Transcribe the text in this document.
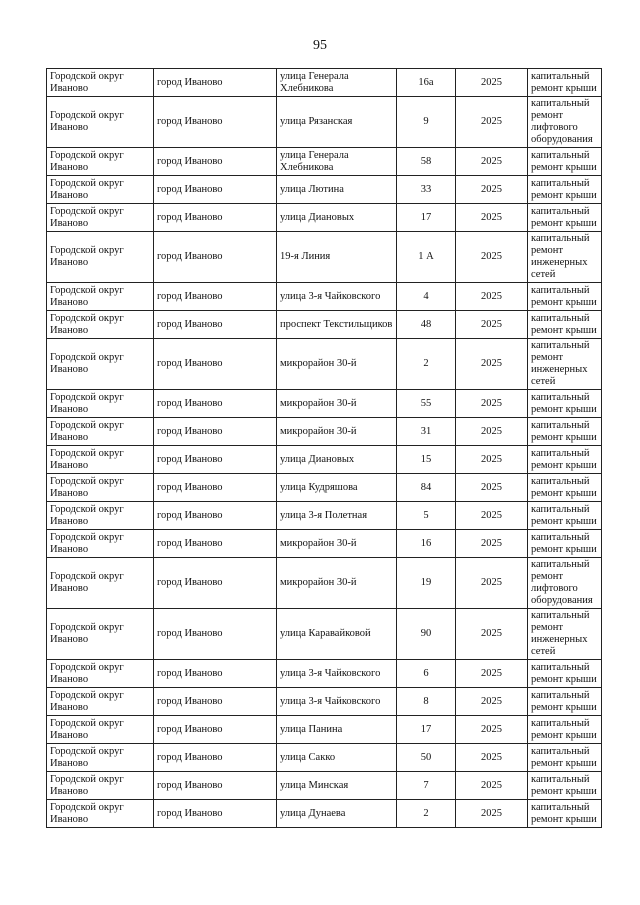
95
Городской округ Иваново	город Иваново	улица Генерала Хлебникова	16а	2025	капитальный ремонт крыши
Городской округ Иваново	город Иваново	улица Рязанская	9	2025	капитальный ремонт лифтового оборудования
Городской округ Иваново	город Иваново	улица Генерала Хлебникова	58	2025	капитальный ремонт крыши
Городской округ Иваново	город Иваново	улица Лютина	33	2025	капитальный ремонт крыши
Городской округ Иваново	город Иваново	улица Диановых	17	2025	капитальный ремонт крыши
Городской округ Иваново	город Иваново	19-я Линия	1 А	2025	капитальный ремонт инженерных сетей
Городской округ Иваново	город Иваново	улица 3-я Чайковского	4	2025	капитальный ремонт крыши
Городской округ Иваново	город Иваново	проспект Текстильщиков	48	2025	капитальный ремонт крыши
Городской округ Иваново	город Иваново	микрорайон 30-й	2	2025	капитальный ремонт инженерных сетей
Городской округ Иваново	город Иваново	микрорайон 30-й	55	2025	капитальный ремонт крыши
Городской округ Иваново	город Иваново	микрорайон 30-й	31	2025	капитальный ремонт крыши
Городской округ Иваново	город Иваново	улица Диановых	15	2025	капитальный ремонт крыши
Городской округ Иваново	город Иваново	улица Кудряшова	84	2025	капитальный ремонт крыши
Городской округ Иваново	город Иваново	улица 3-я Полетная	5	2025	капитальный ремонт крыши
Городской округ Иваново	город Иваново	микрорайон 30-й	16	2025	капитальный ремонт крыши
Городской округ Иваново	город Иваново	микрорайон 30-й	19	2025	капитальный ремонт лифтового оборудования
Городской округ Иваново	город Иваново	улица Каравайковой	90	2025	капитальный ремонт инженерных сетей
Городской округ Иваново	город Иваново	улица 3-я Чайковского	6	2025	капитальный ремонт крыши
Городской округ Иваново	город Иваново	улица 3-я Чайковского	8	2025	капитальный ремонт крыши
Городской округ Иваново	город Иваново	улица Панина	17	2025	капитальный ремонт крыши
Городской округ Иваново	город Иваново	улица Сакко	50	2025	капитальный ремонт крыши
Городской округ Иваново	город Иваново	улица Минская	7	2025	капитальный ремонт крыши
Городской округ Иваново	город Иваново	улица Дунаева	2	2025	капитальный ремонт крыши
